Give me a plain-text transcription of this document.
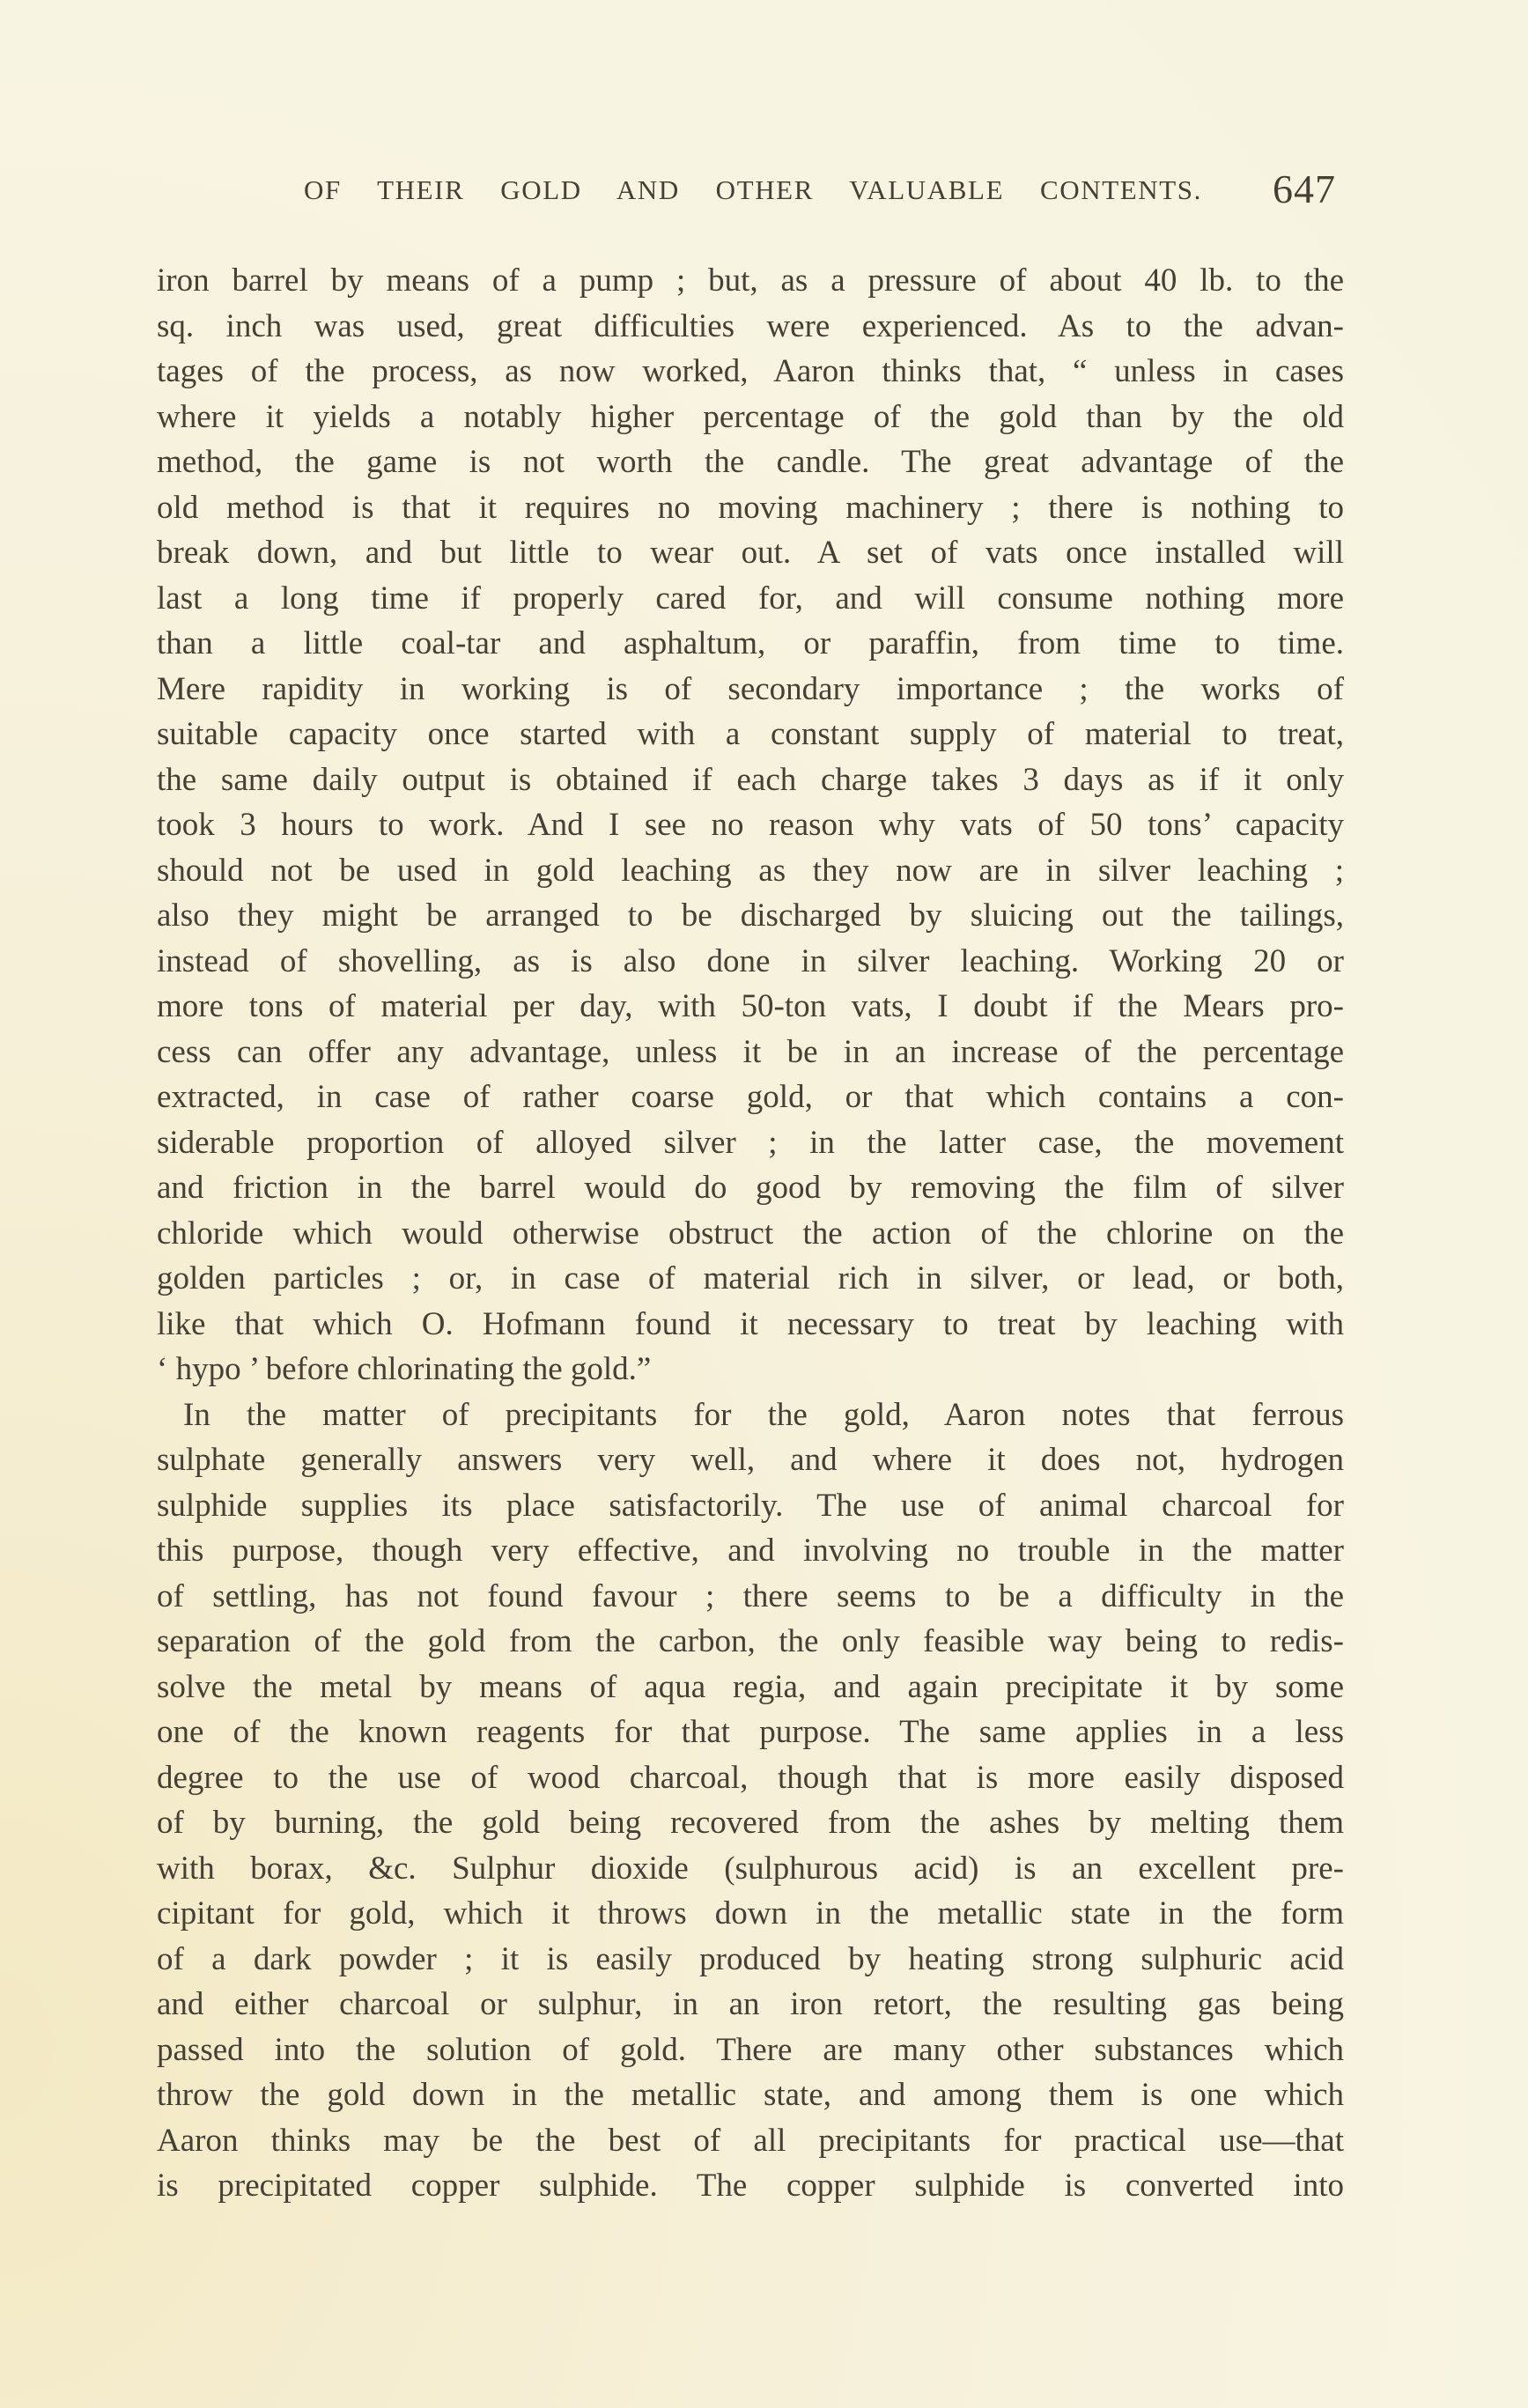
OF THEIR GOLD AND OTHER VALUABLE CONTENTS. 647
iron barrel by means of a pump ; but, as a pressure of about 40 lb. to the
sq. inch was used, great difficulties were experienced. As to the advan-
tages of the process, as now worked, Aaron thinks that, “ unless in cases
where it yields a notably higher percentage of the gold than by the old
method, the game is not worth the candle. The great advantage of the
old method is that it requires no moving machinery ; there is nothing to
break down, and but little to wear out. A set of vats once installed will
last a long time if properly cared for, and will consume nothing more
than a little coal-tar and asphaltum, or paraffin, from time to time.
Mere rapidity in working is of secondary importance ; the works of
suitable capacity once started with a constant supply of material to treat,
the same daily output is obtained if each charge takes 3 days as if it only
took 3 hours to work. And I see no reason why vats of 50 tons’ capacity
should not be used in gold leaching as they now are in silver leaching ;
also they might be arranged to be discharged by sluicing out the tailings,
instead of shovelling, as is also done in silver leaching. Working 20 or
more tons of material per day, with 50-ton vats, I doubt if the Mears pro-
cess can offer any advantage, unless it be in an increase of the percentage
extracted, in case of rather coarse gold, or that which contains a con-
siderable proportion of alloyed silver ; in the latter case, the movement
and friction in the barrel would do good by removing the film of silver
chloride which would otherwise obstruct the action of the chlorine on the
golden particles ; or, in case of material rich in silver, or lead, or both,
like that which O. Hofmann found it necessary to treat by leaching with
‘ hypo ’ before chlorinating the gold.”
In the matter of precipitants for the gold, Aaron notes that ferrous
sulphate generally answers very well, and where it does not, hydrogen
sulphide supplies its place satisfactorily. The use of animal charcoal for
this purpose, though very effective, and involving no trouble in the matter
of settling, has not found favour ; there seems to be a difficulty in the
separation of the gold from the carbon, the only feasible way being to redis-
solve the metal by means of aqua regia, and again precipitate it by some
one of the known reagents for that purpose. The same applies in a less
degree to the use of wood charcoal, though that is more easily disposed
of by burning, the gold being recovered from the ashes by melting them
with borax, &c. Sulphur dioxide (sulphurous acid) is an excellent pre-
cipitant for gold, which it throws down in the metallic state in the form
of a dark powder ; it is easily produced by heating strong sulphuric acid
and either charcoal or sulphur, in an iron retort, the resulting gas being
passed into the solution of gold. There are many other substances which
throw the gold down in the metallic state, and among them is one which
Aaron thinks may be the best of all precipitants for practical use—that
is precipitated copper sulphide. The copper sulphide is converted into
